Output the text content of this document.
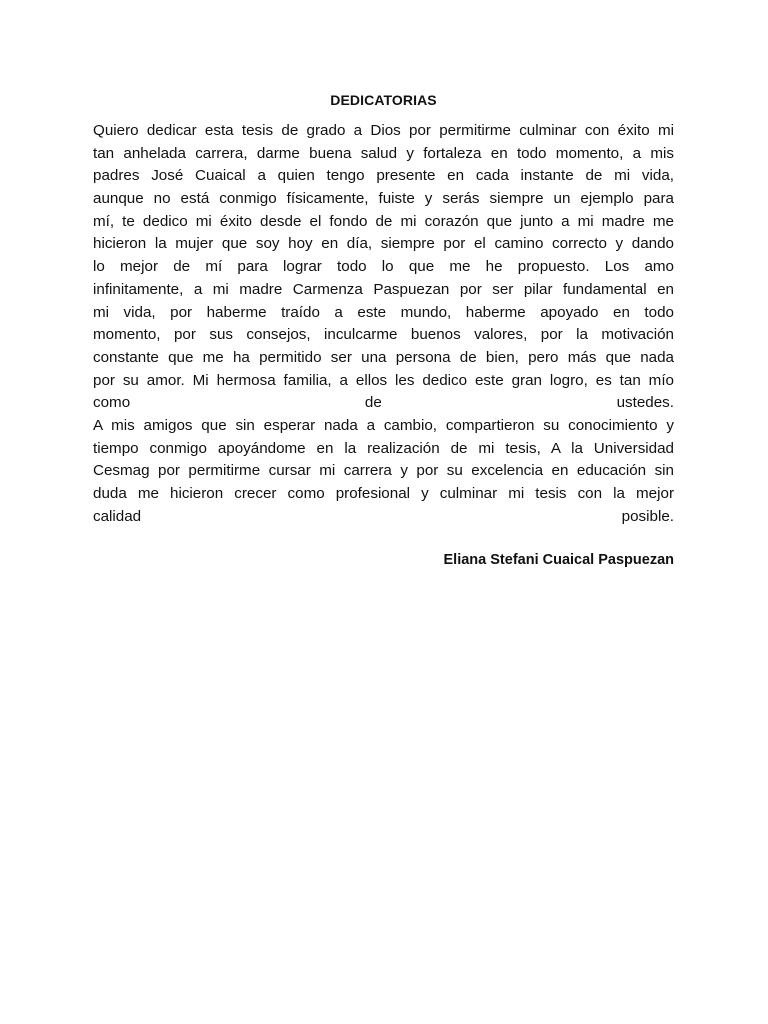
DEDICATORIAS
Quiero dedicar esta tesis de grado a Dios por permitirme culminar con éxito mi
tan anhelada carrera, darme buena salud y fortaleza en todo momento, a mis
padres José Cuaical a quien tengo presente en cada instante de mi vida,
aunque no está conmigo físicamente, fuiste y serás siempre un ejemplo para
mí, te dedico mi éxito desde el fondo de mi corazón que junto a mi madre me
hicieron la mujer que soy hoy en día, siempre por el camino correcto y dando
lo mejor de mí para lograr todo lo que me he propuesto. Los amo
infinitamente, a mi madre Carmenza Paspuezan por ser pilar fundamental en
mi vida, por haberme traído a este mundo, haberme apoyado en todo
momento, por sus consejos, inculcarme buenos valores, por la motivación
constante que me ha permitido ser una persona de bien, pero más que nada
por su amor. Mi hermosa familia, a ellos les dedico este gran logro, es tan mío
como de ustedes.
A mis amigos que sin esperar nada a cambio, compartieron su conocimiento y
tiempo conmigo apoyándome en la realización de mi tesis, A la Universidad
Cesmag por permitirme cursar mi carrera y por su excelencia en educación sin
duda me hicieron crecer como profesional y culminar mi tesis con la mejor
calidad posible.
Eliana Stefani Cuaical Paspuezan
